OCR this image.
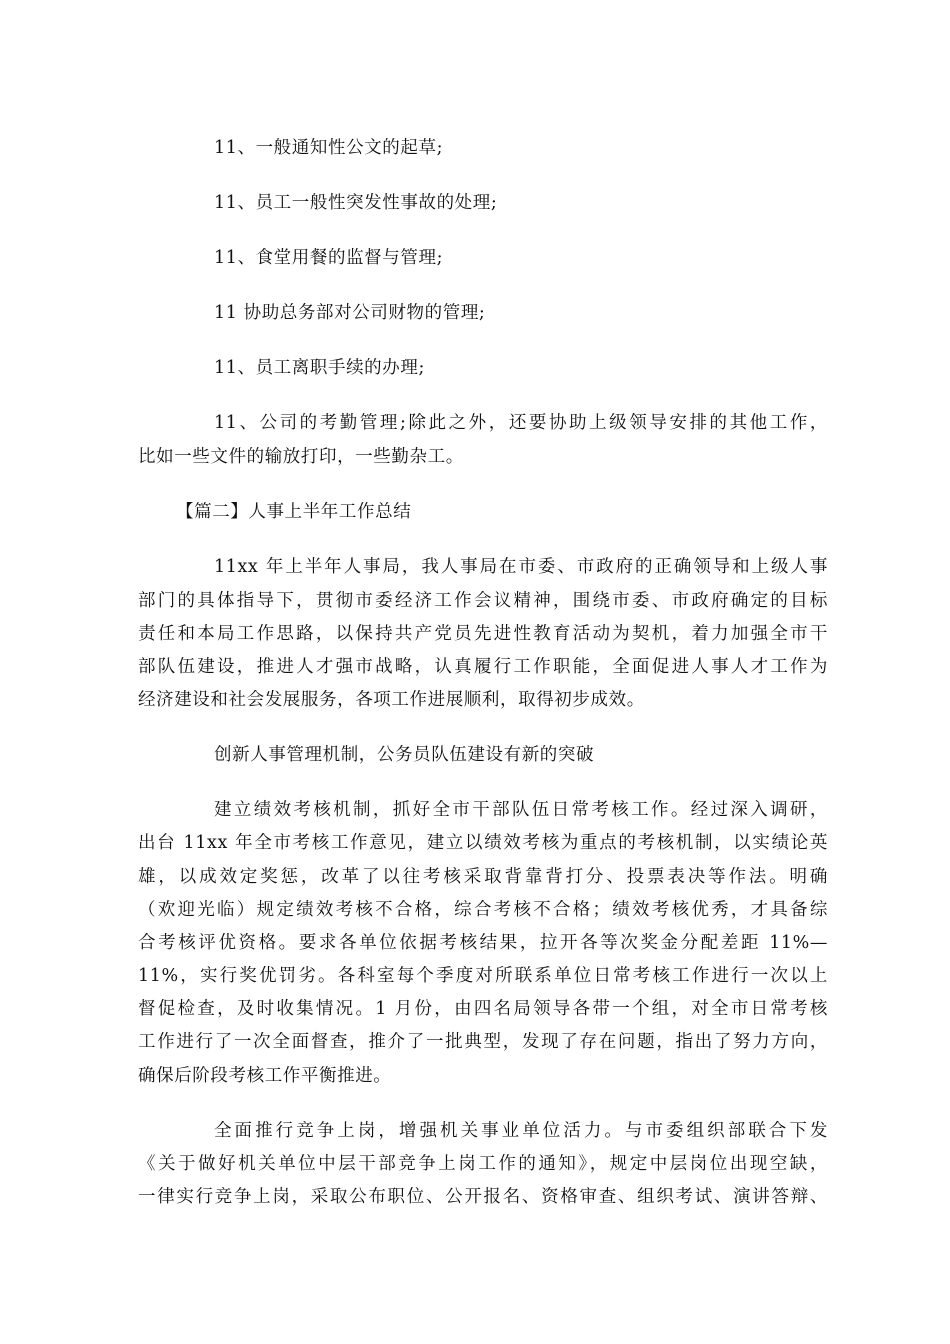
11、一般通知性公文的起草;
11、员工一般性突发性事故的处理;
11、食堂用餐的监督与管理;
11 协助总务部对公司财物的管理;
11、员工离职手续的办理;
11、公司的考勤管理;除此之外，还要协助上级领导安排的其他工作，
比如一些文件的输放打印，一些勤杂工。
【篇二】人事上半年工作总结
11xx 年上半年人事局，我人事局在市委、市政府的正确领导和上级人事
部门的具体指导下，贯彻市委经济工作会议精神，围绕市委、市政府确定的目标
责任和本局工作思路，以保持共产党员先进性教育活动为契机，着力加强全市干
部队伍建设，推进人才强市战略，认真履行工作职能，全面促进人事人才工作为
经济建设和社会发展服务，各项工作进展顺利，取得初步成效。
创新人事管理机制，公务员队伍建设有新的突破
建立绩效考核机制，抓好全市干部队伍日常考核工作。经过深入调研，
出台 11xx 年全市考核工作意见，建立以绩效考核为重点的考核机制，以实绩论英
雄，以成效定奖惩，改革了以往考核采取背靠背打分、投票表决等作法。明确
（欢迎光临）规定绩效考核不合格，综合考核不合格；绩效考核优秀，才具备综
合考核评优资格。要求各单位依据考核结果，拉开各等次奖金分配差距 11%—
11%，实行奖优罚劣。各科室每个季度对所联系单位日常考核工作进行一次以上
督促检查，及时收集情况。1 月份，由四名局领导各带一个组，对全市日常考核
工作进行了一次全面督查，推介了一批典型，发现了存在问题，指出了努力方向，
确保后阶段考核工作平衡推进。
全面推行竞争上岗，增强机关事业单位活力。与市委组织部联合下发
《关于做好机关单位中层干部竞争上岗工作的通知》，规定中层岗位出现空缺，
一律实行竞争上岗，采取公布职位、公开报名、资格审查、组织考试、演讲答辩、
